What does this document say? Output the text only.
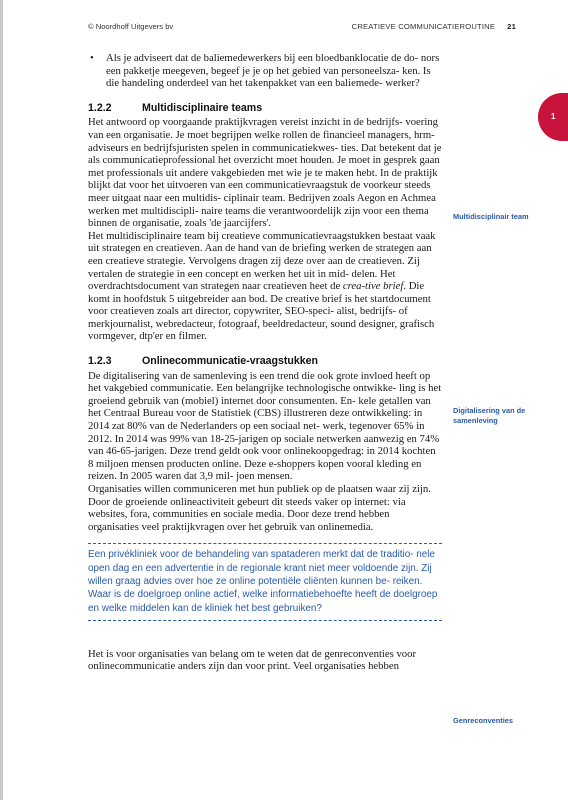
© Noordhoff Uitgevers bv	CREATIEVE COMMUNICATIEROUTINE 21
1
Multidisciplinair team
Digitalisering van de samenleving
Genreconventies

• Als je adviseert dat de baliemedewerkers bij een bloedbanklocatie de do- nors een pakketje meegeven, begeef je je op het gebied van personeelsza- ken. Is die handeling onderdeel van het takenpakket van een baliemede- werker?

1.2.2	Multidisciplinaire teams

Het antwoord op voorgaande praktijkvragen vereist inzicht in de bedrijfs- voering van een organisatie. Je moet begrijpen welke rollen de financieel managers, hrm-adviseurs en bedrijfsjuristen spelen in communicatiekwes- ties. Dat betekent dat je als communicatieprofessional het overzicht moet houden. Je moet in gesprek gaan met professionals uit andere vakgebieden met wie je te maken hebt. In de praktijk blijkt dat voor het uitvoeren van een communicatievraagstuk de voorkeur steeds meer uitgaat naar een multidis- ciplinair team. Bedrijven zoals Aegon en Achmea werken met multidiscipli- naire teams die verantwoordelijk zijn voor een thema binnen de organisatie, zoals 'de jaarcijfers'.
Het multidisciplinaire team bij creatieve communicatievraagstukken bestaat vaak uit strategen en creatieven. Aan de hand van de briefing werken de strategen aan een creatieve strategie. Vervolgens dragen zij deze over aan de creatieven. Zij vertalen de strategie in een concept en werken het uit in mid- delen. Het overdrachtsdocument van strategen naar creatieven heet de crea-tive brief. Die komt in hoofdstuk 5 uitgebreider aan bod. De creative brief is het startdocument voor creatieven zoals art director, copywriter, SEO-speci- alist, bedrijfs- of merkjournalist, webredacteur, fotograaf, beeldredacteur, sound designer, grafisch vormgever, dtp'er en filmer.

1.2.3	Onlinecommunicatie-vraagstukken

De digitalisering van de samenleving is een trend die ook grote invloed heeft op het vakgebied communicatie. Een belangrijke technologische ontwikke- ling is het groeiend gebruik van (mobiel) internet door consumenten. En- kele getallen van het Centraal Bureau voor de Statistiek (CBS) illustreren deze ontwikkeling: in 2014 zat 80% van de Nederlanders op een sociaal net- werk, tegenover 65% in 2012. In 2014 was 99% van 18-25-jarigen op sociale netwerken aanwezig en 74% van 46-65-jarigen. Deze trend geldt ook voor onlinekoopgedrag: in 2014 kochten 8 miljoen mensen producten online. Deze e-shoppers kopen vooral kleding en reizen. In 2005 waren dat 3,9 mil- joen mensen.
Organisaties willen communiceren met hun publiek op de plaatsen waar zij zijn. Door de groeiende onlineactiviteit gebeurt dit steeds vaker op internet: via websites, fora, communities en sociale media. Door deze trend hebben organisaties veel praktijkvragen over het gebruik van onlinemedia.

Een privékliniek voor de behandeling van spataderen merkt dat de traditio- nele open dag en een advertentie in de regionale krant niet meer voldoende zijn. Zij willen graag advies over hoe ze online potentiële cliënten kunnen be- reiken. Waar is de doelgroep online actief, welke informatiebehoefte heeft de doelgroep en welke middelen kan de kliniek het best gebruiken?

Het is voor organisaties van belang om te weten dat de genreconventies voor onlinecommunicatie anders zijn dan voor print. Veel organisaties hebben
